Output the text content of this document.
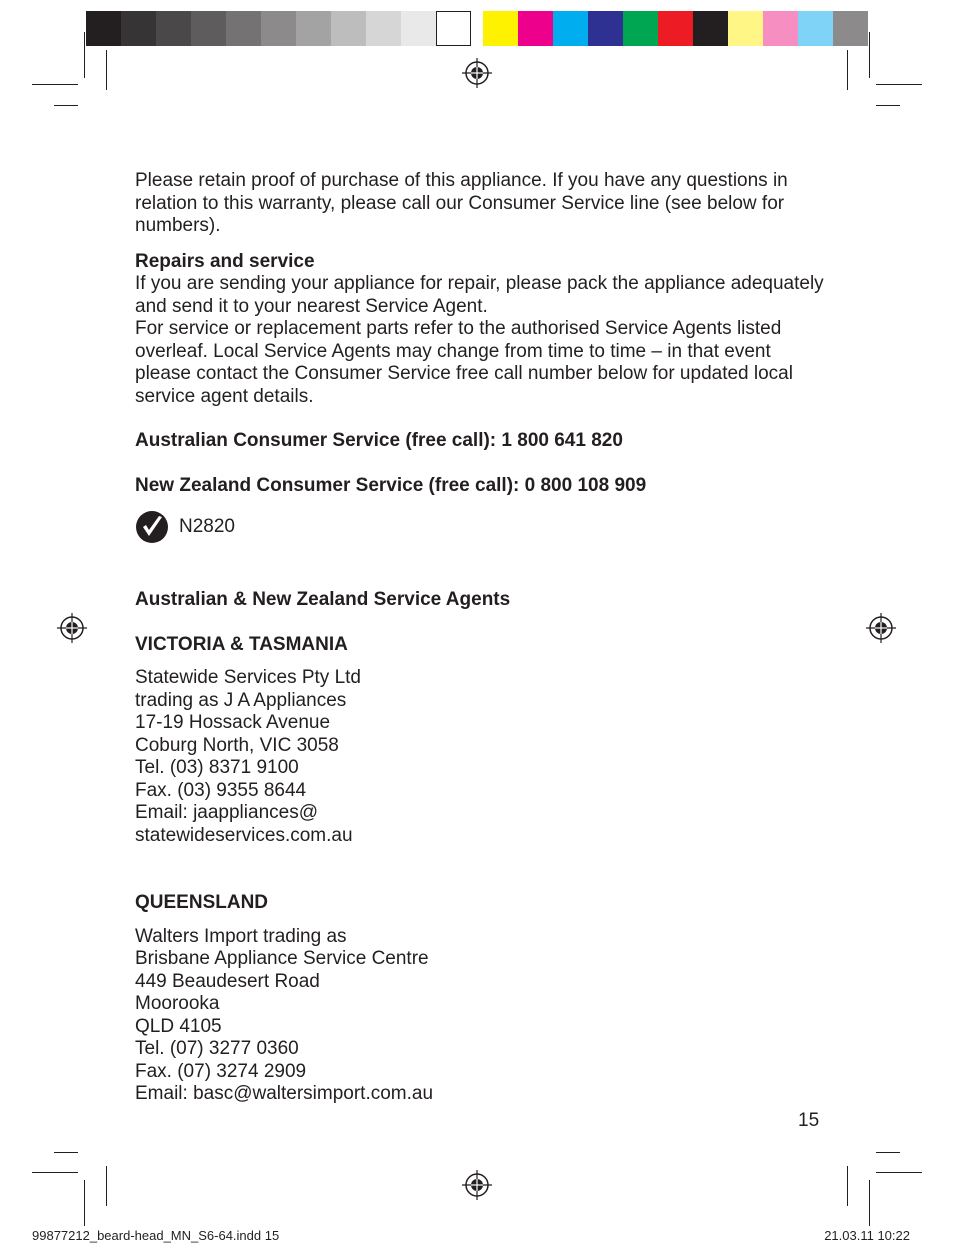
Please retain proof of purchase of this appliance. If you have any questions in relation to this warranty, please call our Consumer Service line (see below for numbers).

Repairs and service

If you are sending your appliance for repair, please pack the appliance adequately and send it to your nearest Service Agent.

For service or replacement parts refer to the authorised Service Agents listed overleaf. Local Service Agents may change from time to time – in that event please contact the Consumer Service free call number below for updated local service agent details.

Australian Consumer Service (free call): 1 800 641 820

New Zealand Consumer Service (free call): 0 800 108 909

N2820

Australian & New Zealand Service Agents

VICTORIA & TASMANIA

Statewide Services Pty Ltd

trading as J A Appliances

17-19 Hossack Avenue

Coburg North, VIC 3058

Tel. (03) 8371 9100

Fax. (03) 9355 8644

Email: jaappliances@

statewideservices.com.au

QUEENSLAND

Walters Import trading as

Brisbane Appliance Service Centre

449 Beaudesert Road

Moorooka

QLD 4105

Tel. (07) 3277 0360

Fax. (07) 3274 2909

Email: basc@waltersimport.com.au

15
99877212_beard-head_MN_S6-64.indd 15	21.03.11 10:22
